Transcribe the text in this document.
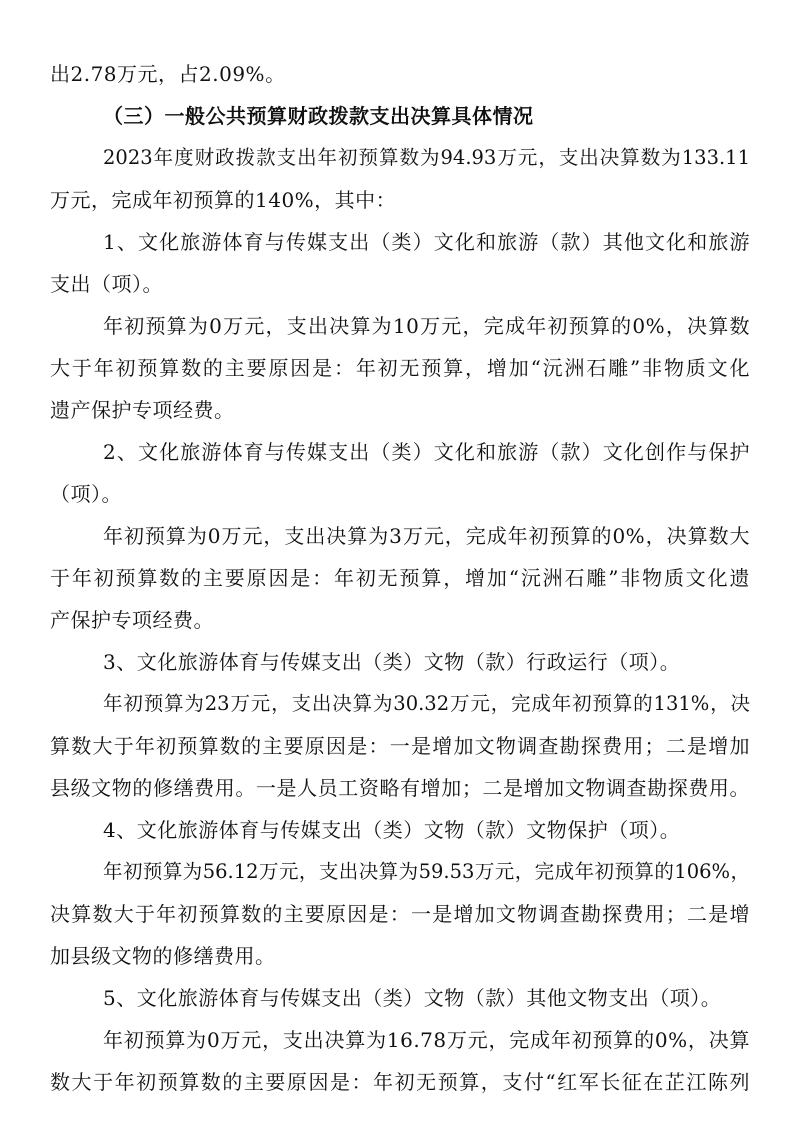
出2.78万元，占2.09%。
（三）一般公共预算财政拨款支出决算具体情况
2023年度财政拨款支出年初预算数为94.93万元，支出决算数为133.11
万元，完成年初预算的140%，其中：
1、文化旅游体育与传媒支出（类）文化和旅游（款）其他文化和旅游
支出（项）。
年初预算为0万元，支出决算为10万元，完成年初预算的0%，决算数
大于年初预算数的主要原因是：年初无预算，增加“沅洲石雕”非物质文化
遗产保护专项经费。
2、文化旅游体育与传媒支出（类）文化和旅游（款）文化创作与保护
（项）。
年初预算为0万元，支出决算为3万元，完成年初预算的0%，决算数大
于年初预算数的主要原因是：年初无预算，增加“沅洲石雕”非物质文化遗
产保护专项经费。
3、文化旅游体育与传媒支出（类）文物（款）行政运行（项）。
年初预算为23万元，支出决算为30.32万元，完成年初预算的131%，决
算数大于年初预算数的主要原因是：一是增加文物调查勘探费用；二是增加
县级文物的修缮费用。一是人员工资略有增加；二是增加文物调查勘探费用。
4、文化旅游体育与传媒支出（类）文物（款）文物保护（项）。
年初预算为56.12万元，支出决算为59.53万元，完成年初预算的106%，
决算数大于年初预算数的主要原因是：一是增加文物调查勘探费用；二是增
加县级文物的修缮费用。
5、文化旅游体育与传媒支出（类）文物（款）其他文物支出（项）。
年初预算为0万元，支出决算为16.78万元，完成年初预算的0%，决算
数大于年初预算数的主要原因是：年初无预算，支付“红军长征在芷江陈列
